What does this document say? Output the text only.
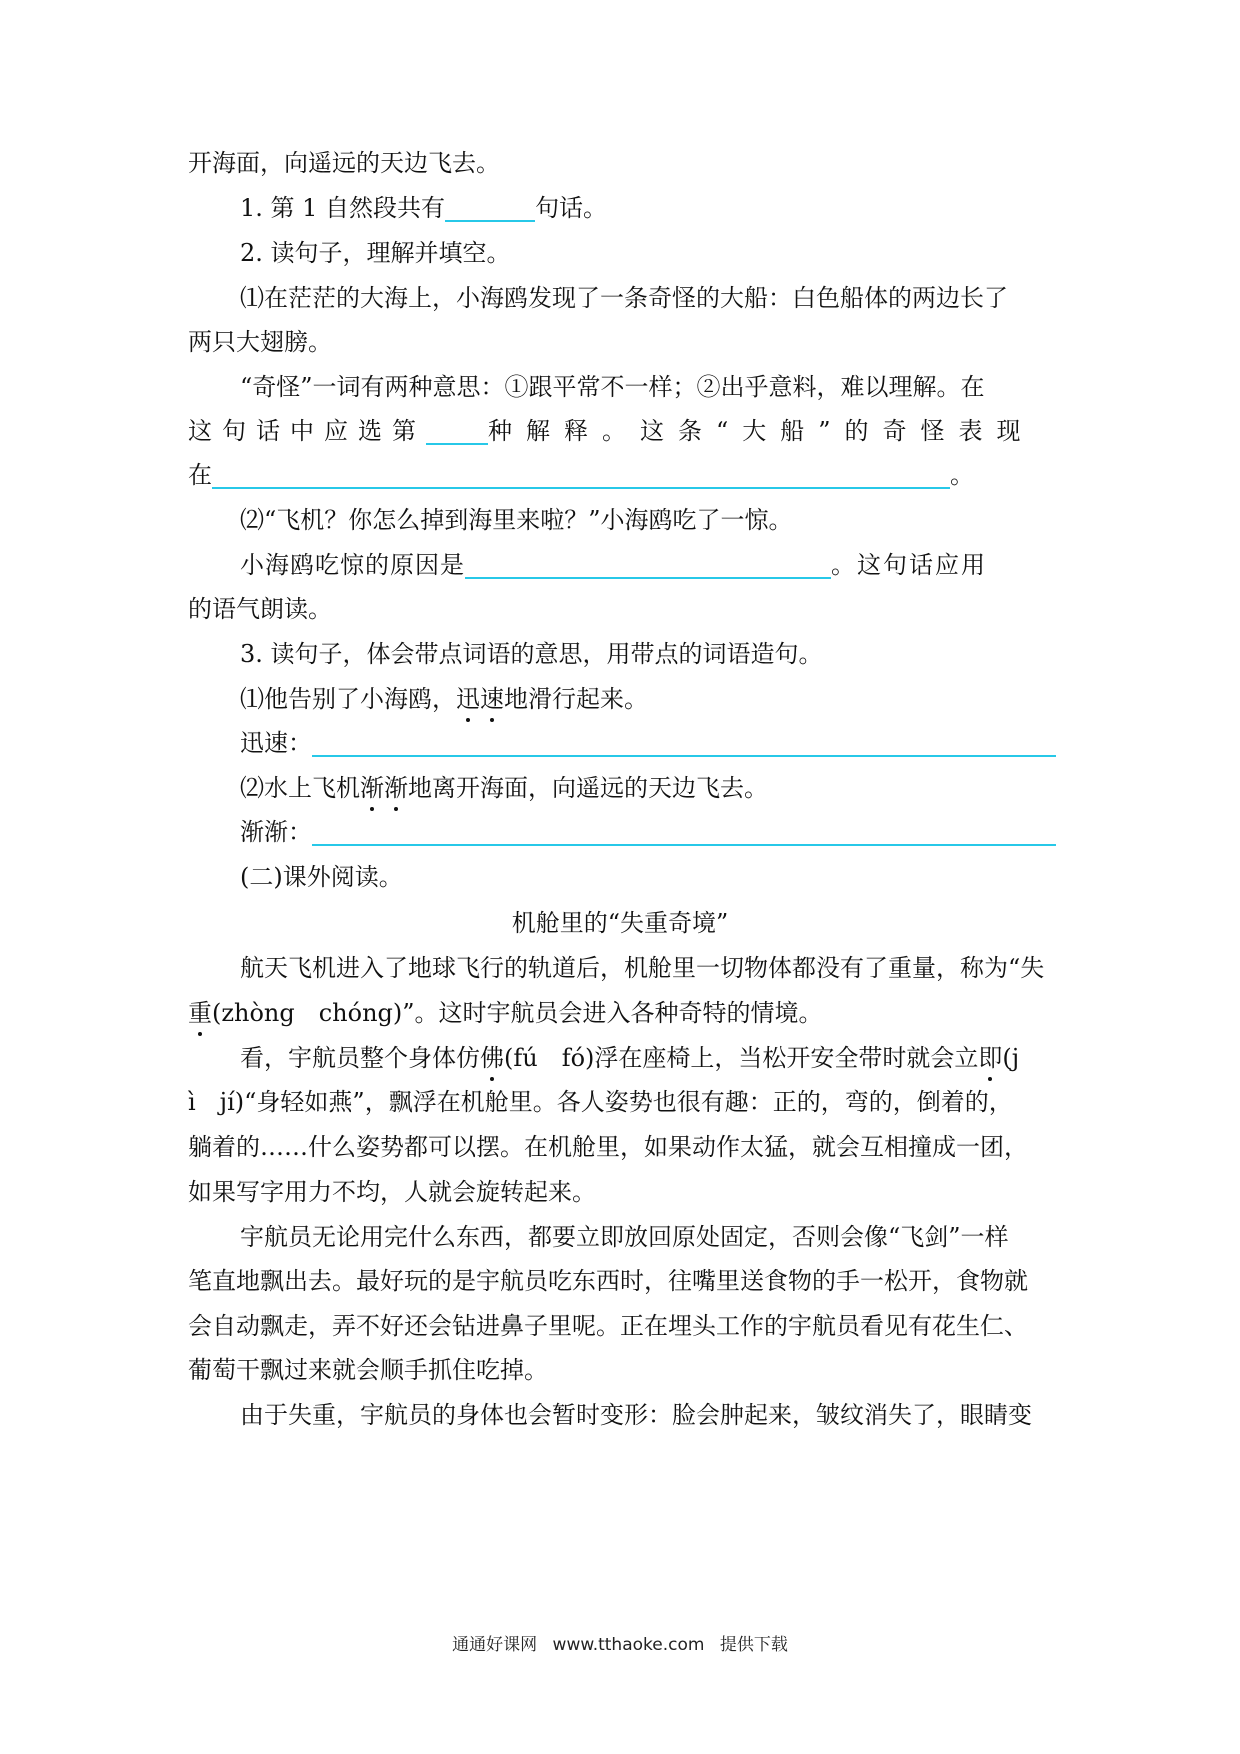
开海面，向遥远的天边飞去。
1. 第 1 自然段共有	句话。
2. 读句子，理解并填空。
⑴在茫茫的大海上，小海鸥发现了一条奇怪的大船：白色船体的两边长了
两只大翅膀。
“奇怪”一词有两种意思：①跟平常不一样；②出乎意料，难以理解。在
这句话中应选第	种解释。这条“大船”的奇怪表现
在	。
⑵“飞机？你怎么掉到海里来啦？”小海鸥吃了一惊。
小海鸥吃惊的原因是	。这句话应用
的语气朗读。
3. 读句子，体会带点词语的意思，用带点的词语造句。
⑴他告别了小海鸥，迅速地滑行起来。
迅速：
⑵水上飞机渐渐地离开海面，向遥远的天边飞去。
渐渐：
(二)课外阅读。
机舱里的“失重奇境”
航天飞机进入了地球飞行的轨道后，机舱里一切物体都没有了重量，称为“失
重(zhòng　chóng)”。这时宇航员会进入各种奇特的情境。
看，宇航员整个身体仿佛(fú　fó)浮在座椅上，当松开安全带时就会立即(j
ì　jí)“身轻如燕”，飘浮在机舱里。各人姿势也很有趣：正的，弯的，倒着的，
躺着的……什么姿势都可以摆。在机舱里，如果动作太猛，就会互相撞成一团，
如果写字用力不均，人就会旋转起来。
宇航员无论用完什么东西，都要立即放回原处固定，否则会像“飞剑”一样
笔直地飘出去。最好玩的是宇航员吃东西时，往嘴里送食物的手一松开，食物就
会自动飘走，弄不好还会钻进鼻子里呢。正在埋头工作的宇航员看见有花生仁、
葡萄干飘过来就会顺手抓住吃掉。
由于失重，宇航员的身体也会暂时变形：脸会肿起来，皱纹消失了，眼睛变
通通好课网 www.tthaoke.com 提供下载
